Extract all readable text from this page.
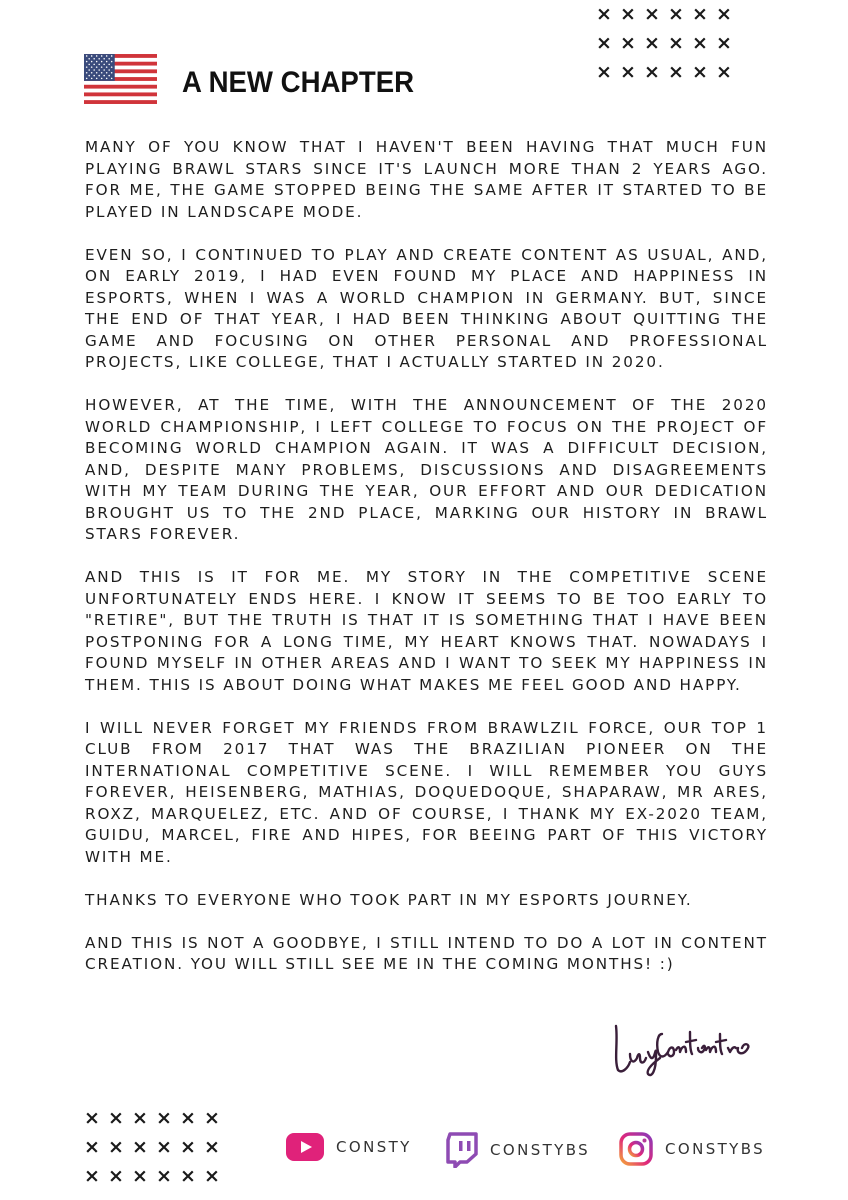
× × × × × ×
× × × × × ×
× × × × × ×
× × × × × ×
× × × × × ×
× × × × × ×
A NEW CHAPTER

MANY OF YOU KNOW THAT I HAVEN'T BEEN HAVING THAT MUCH FUN PLAYING BRAWL STARS SINCE IT'S LAUNCH MORE THAN 2 YEARS AGO. FOR ME, THE GAME STOPPED BEING THE SAME AFTER IT STARTED TO BE PLAYED IN LANDSCAPE MODE.

EVEN SO, I CONTINUED TO PLAY AND CREATE CONTENT AS USUAL, AND, ON EARLY 2019, I HAD EVEN FOUND MY PLACE AND HAPPINESS IN ESPORTS, WHEN I WAS A WORLD CHAMPION IN GERMANY. BUT, SINCE THE END OF THAT YEAR, I HAD BEEN THINKING ABOUT QUITTING THE GAME AND FOCUSING ON OTHER PERSONAL AND PROFESSIONAL PROJECTS, LIKE COLLEGE, THAT I ACTUALLY STARTED IN 2020.

HOWEVER, AT THE TIME, WITH THE ANNOUNCEMENT OF THE 2020 WORLD CHAMPIONSHIP, I LEFT COLLEGE TO FOCUS ON THE PROJECT OF BECOMING WORLD CHAMPION AGAIN. IT WAS A DIFFICULT DECISION, AND, DESPITE MANY PROBLEMS, DISCUSSIONS AND DISAGREEMENTS WITH MY TEAM DURING THE YEAR, OUR EFFORT AND OUR DEDICATION BROUGHT US TO THE 2ND PLACE, MARKING OUR HISTORY IN BRAWL STARS FOREVER.

AND THIS IS IT FOR ME. MY STORY IN THE COMPETITIVE SCENE UNFORTUNATELY ENDS HERE. I KNOW IT SEEMS TO BE TOO EARLY TO "RETIRE", BUT THE TRUTH IS THAT IT IS SOMETHING THAT I HAVE BEEN POSTPONING FOR A LONG TIME, MY HEART KNOWS THAT. NOWADAYS I FOUND MYSELF IN OTHER AREAS AND I WANT TO SEEK MY HAPPINESS IN THEM. THIS IS ABOUT DOING WHAT MAKES ME FEEL GOOD AND HAPPY.

I WILL NEVER FORGET MY FRIENDS FROM BRAWLZIL FORCE, OUR TOP 1 CLUB FROM 2017 THAT WAS THE BRAZILIAN PIONEER ON THE INTERNATIONAL COMPETITIVE SCENE. I WILL REMEMBER YOU GUYS FOREVER, HEISENBERG, MATHIAS, DOQUEDOQUE, SHAPARAW, MR ARES, ROXZ, MARQUELEZ, ETC. AND OF COURSE, I THANK MY EX-2020 TEAM, GUIDU, MARCEL, FIRE AND HIPES, FOR BEEING PART OF THIS VICTORY WITH ME.

THANKS TO EVERYONE WHO TOOK PART IN MY ESPORTS JOURNEY.

AND THIS IS NOT A GOODBYE, I STILL INTEND TO DO A LOT IN CONTENT CREATION. YOU WILL STILL SEE ME IN THE COMING MONTHS! :)

CONSTY	CONSTYBS	CONSTYBS
